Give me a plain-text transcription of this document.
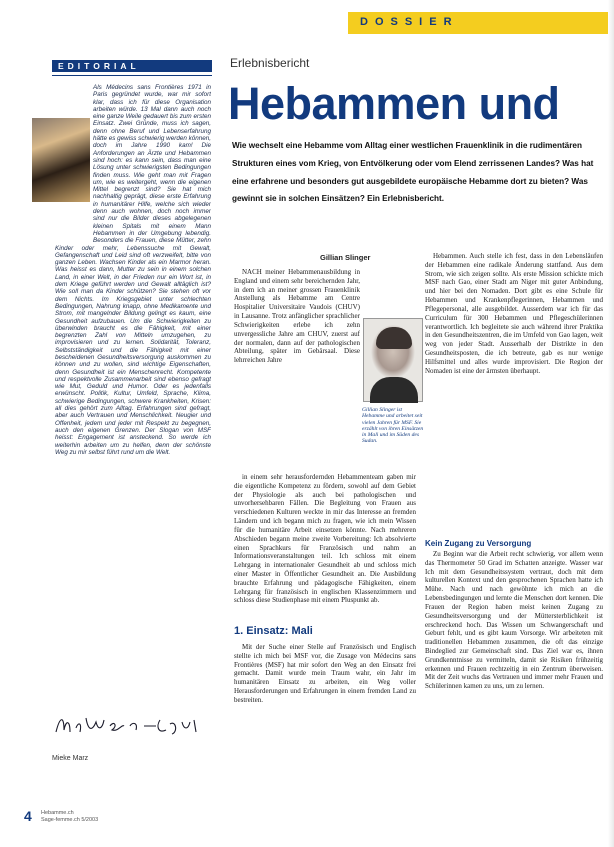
DOSSIER
EDITORIAL
Als Médecins sans Frontières 1971 in Paris gegründet wurde, war mir sofort klar, dass ich für diese Organisation arbeiten würde. 13 Mal dann auch noch eine ganze Weile gedauert bis zum ersten Einsatz. Zwei Gründe, muss ich sagen, denn ohne Beruf und Lebenserfahrung hätte es gewiss schwierig werden können, doch im Jahre 1990 kam! Die Anforderungen an Ärzte und Hebammen sind hoch: es kann sein, dass man eine Lösung unter schwierigsten Bedingungen finden muss. Wie geht man mit Fragen um, wie es weitergeht, wenn die eigenen Mittel begrenzt sind? Sie hat mich nachhaltig geprägt, diese erste Erfahrung in humanitärer Hilfe, welche sich wieder denn auch wohnen, doch noch immer sind nur die Bilder dieses abgelegenen kleinen Spitals mit einem Mann Hebammen in der Umgebung lebendig. Besonders die Frauen, diese Mütter, zehn Kinder oder mehr, Lebenssuche mit Gewalt, Gefangenschaft und Leid sind oft verzweifelt, bitte von ganzen Leben. Wachsen Kinder als ein Marmor heran. Was heisst es dann, Mutter zu sein in einem solchen Land, in einer Welt, in der Frieden nur ein Wort ist, in dem Kriege geführt werden und Gewalt alltäglich ist? Wie soll man da Kinder schützen? Sie stehen oft vor dem Nichts. Im Kriegsgebiet unter schlechten Bedingungen, Nahrung knapp, ohne Medikamente und Strom, mit mangelnder Bildung gelingt es kaum, eine Gesundheit aufzubauen. Um die Schwierigkeiten zu überwinden braucht es die Fähigkeit, mit einer begrenzten Zahl von Mitteln umzugehen, zu improvisieren und zu lernen. Solidarität, Toleranz, Selbstständigkeit und die Fähigkeit mit einer bescheidenen Gesundheitsversorgung auskommen zu können und zu wollen, sind wichtige Eigenschaften, denn Gesundheit ist ein Menschenrecht. Kompetente und respektvolle Zusammenarbeit sind ebenso gefragt wie Mut, Geduld und Humor. Oder es jedenfalls erwünscht. Politik, Kultur, Umfeld, Sprache, Klima, schwierige Bedingungen, schwere Krankheiten, Krisen: all dies gehört zum Alltag. Erfahrungen sind gefragt, aber auch Vertrauen und Menschlichkeit. Neugier und Offenheit, jedem und jeder mit Respekt zu begegnen, auch den eigenen Grenzen. Der Slogan von MSF heisst: Engagement ist ansteckend. So werde ich weiterhin arbeiten um zu helfen, denn der schönste Weg zu mir selbst führt rund um die Welt.
Mieke Marz
4 Hebamme.ch
Sage-femme.ch 5/2003
Erlebnisbericht
Hebammen und
Wie wechselt eine Hebamme vom Alltag einer westlichen Frauenklinik in die rudimentären Strukturen eines vom Krieg, von Entvölkerung oder vom Elend zerrissenen Landes? Was hat eine erfahrene und besonders gut ausgebildete europäische Hebamme dort zu bieten? Was gewinnt sie in solchen Einsätzen? Ein Erlebnisbericht.
Gillian Slinger

NACH meiner Hebammenausbildung in England und einem sehr bereichernden Jahr, in dem ich an meiner grossen Frauenklinik Anstellung als Hebamme am Centre Hospitalier Universitaire Vaudois (CHUV) in Lausanne. Trotz anfänglicher sprachlicher Schwierigkeiten erlebe ich zehn unvergessliche Jahre am CHUV, zuerst auf der normalen, dann auf der pathologischen Abteilung, später im Gebärsaal. Diese lehrreichen Jahre

Gillian Slinger ist Hebamme und arbeitet seit vielen Jahren für MSF. Sie erzählt von ihren Einsätzen in Mali und im Süden des Sudan.

in einem sehr herausfordernden Hebammenteam gaben mir die eigentliche Kompetenz zu fördern, sowohl auf dem Gebiet der Physiologie als auch bei pathologischen und unvorhersehbaren Fällen. Die Begleitung von Frauen aus verschiedenen Kulturen weckte in mir das Interesse an fremden Ländern und ich begann mich zu fragen, wie ich mein Wissen für die humanitäre Arbeit einsetzen könnte. Nach mehreren Abschieden begann meine zweite Vorbereitung: Ich absolvierte einen Sprachkurs für Französisch und nahm an Informationsveranstaltungen teil. Ich schloss mit einem Lehrgang in internationaler Gesundheit ab und schloss mich einer Master in Öffentlicher Gesundheit an. Die Ausbildung brauchte Erfahrung und pädagogische Fähigkeiten, einem Lehrgang für französisch in englischen Klassenzimmern und schloss diese Studienphase mit einem Pluspunkt ab.

1. Einsatz: Mali

Mit der Suche einer Stelle auf Französisch und Englisch stellte ich mich bei MSF vor, die Zusage von Médecins sans Frontières (MSF) hat mir sofort den Weg an den Einsatz frei gemacht. Damit wurde mein Traum wahr, ein Jahr im humanitären Einsatz zu arbeiten, ein Weg voller Herausforderungen und Erfahrungen in einem fremden Land zu bestreiten.

Hebammen. Auch stelle ich fest, dass in den Lebensläufen der Hebammen eine radikale Änderung stattfand. Aus dem Strom, wie sich zeigen sollte. Als erste Mission schickte mich MSF nach Gao, einer Stadt am Niger mit guter Anbindung, und hier bei den Nomaden. Dort gibt es eine Schule für Hebammen und Krankenpflegerinnen, Hebammen und Pflegepersonal, alle ausgebildet. Ausserdem war ich für das Curriculum für 300 Hebammen und Pflegeschülerinnen verantwortlich. Ich begleitete sie auch während ihrer Praktika in den Gesundheitszentren, die im Umfeld von Gao lagen, weit weg von jeder Stadt. Ausserhalb der Distrikte in den Gesundheitsposten, die ich betreute, gab es nur wenige Hilfsmittel und alles wurde improvisiert. Die Region der Nomaden ist eine der ärmsten überhaupt.

Kein Zugang zu Versorgung

Zu Beginn war die Arbeit recht schwierig, vor allem wenn das Thermometer 50 Grad im Schatten anzeigte. Wasser war Ich mit dem Gesundheitssystem vertraut, doch mit dem kulturellen Kontext und den gesprochenen Sprachen hatte ich Mühe. Nach und nach gewöhnte ich mich an die Lebensbedingungen und lernte die Menschen dort kennen. Die Frauen der Region haben meist keinen Zugang zu Gesundheitsversorgung und der Müttersterblichkeit ist erschreckend hoch. Das Wissen um Schwangerschaft und Geburt fehlt, und es gibt kaum Vorsorge. Wir arbeiteten mit traditionellen Hebammen zusammen, die oft das einzige Bindeglied zur Gemeinschaft sind. Das Ziel war es, ihnen Grundkenntnisse zu vermitteln, damit sie Risiken frühzeitig erkennen und Frauen rechtzeitig in ein Zentrum überweisen. Mit der Zeit wuchs das Vertrauen und immer mehr Frauen und Schülerinnen kamen zu uns, um zu lernen.
